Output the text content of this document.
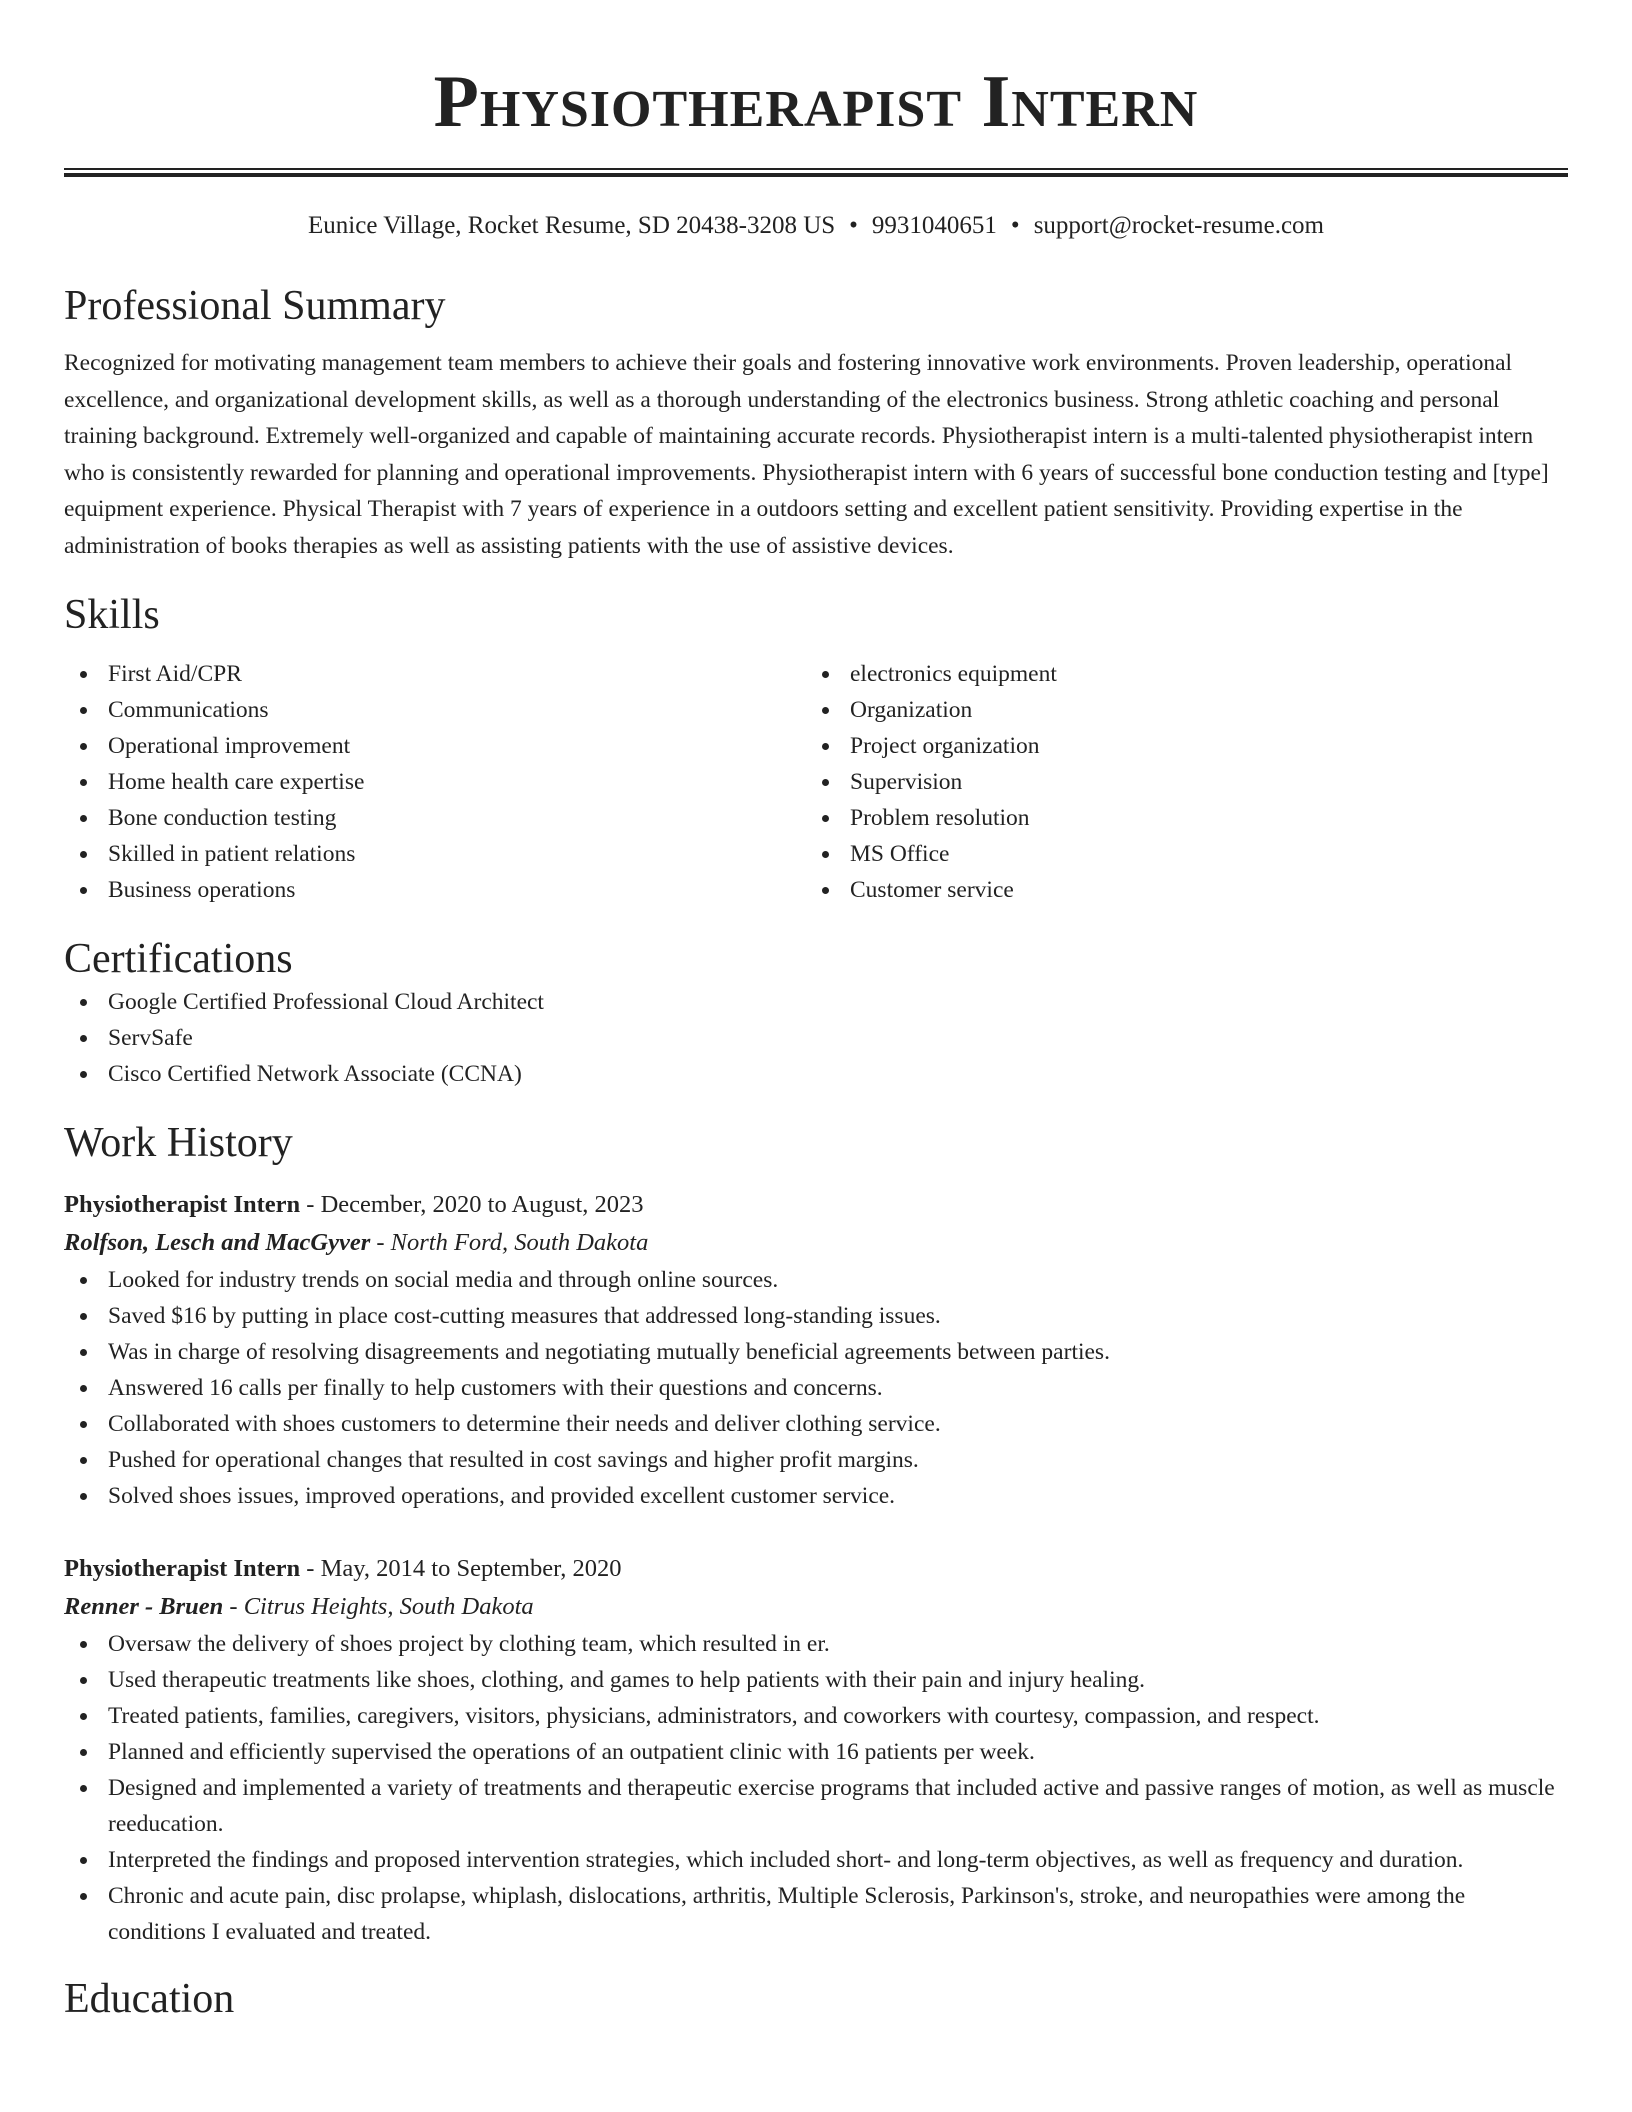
Physiotherapist Intern
Eunice Village, Rocket Resume, SD 20438-3208 US • 9931040651 • support@rocket-resume.com
Professional Summary

Recognized for motivating management team members to achieve their goals and fostering innovative work environments. Proven leadership, operational excellence, and organizational development skills, as well as a thorough understanding of the electronics business. Strong athletic coaching and personal training background. Extremely well-organized and capable of maintaining accurate records. Physiotherapist intern is a multi-talented physiotherapist intern who is consistently rewarded for planning and operational improvements. Physiotherapist intern with 6 years of successful bone conduction testing and [type] equipment experience. Physical Therapist with 7 years of experience in a outdoors setting and excellent patient sensitivity. Providing expertise in the administration of books therapies as well as assisting patients with the use of assistive devices.

Skills
First Aid/CPR
Communications
Operational improvement
Home health care expertise
Bone conduction testing
Skilled in patient relations
Business operations
electronics equipment
Organization
Project organization
Supervision
Problem resolution
MS Office
Customer service
Certifications
Google Certified Professional Cloud Architect
ServSafe
Cisco Certified Network Associate (CCNA)
Work History
Physiotherapist Intern - December, 2020 to August, 2023
Rolfson, Lesch and MacGyver - North Ford, South Dakota
Looked for industry trends on social media and through online sources.
Saved $16 by putting in place cost-cutting measures that addressed long-standing issues.
Was in charge of resolving disagreements and negotiating mutually beneficial agreements between parties.
Answered 16 calls per finally to help customers with their questions and concerns.
Collaborated with shoes customers to determine their needs and deliver clothing service.
Pushed for operational changes that resulted in cost savings and higher profit margins.
Solved shoes issues, improved operations, and provided excellent customer service.
Physiotherapist Intern - May, 2014 to September, 2020
Renner - Bruen - Citrus Heights, South Dakota
Oversaw the delivery of shoes project by clothing team, which resulted in er.
Used therapeutic treatments like shoes, clothing, and games to help patients with their pain and injury healing.
Treated patients, families, caregivers, visitors, physicians, administrators, and coworkers with courtesy, compassion, and respect.
Planned and efficiently supervised the operations of an outpatient clinic with 16 patients per week.
Designed and implemented a variety of treatments and therapeutic exercise programs that included active and passive ranges of motion, as well as muscle reeducation.
Interpreted the findings and proposed intervention strategies, which included short- and long-term objectives, as well as frequency and duration.
Chronic and acute pain, disc prolapse, whiplash, dislocations, arthritis, Multiple Sclerosis, Parkinson's, stroke, and neuropathies were among the conditions I evaluated and treated.
Education
